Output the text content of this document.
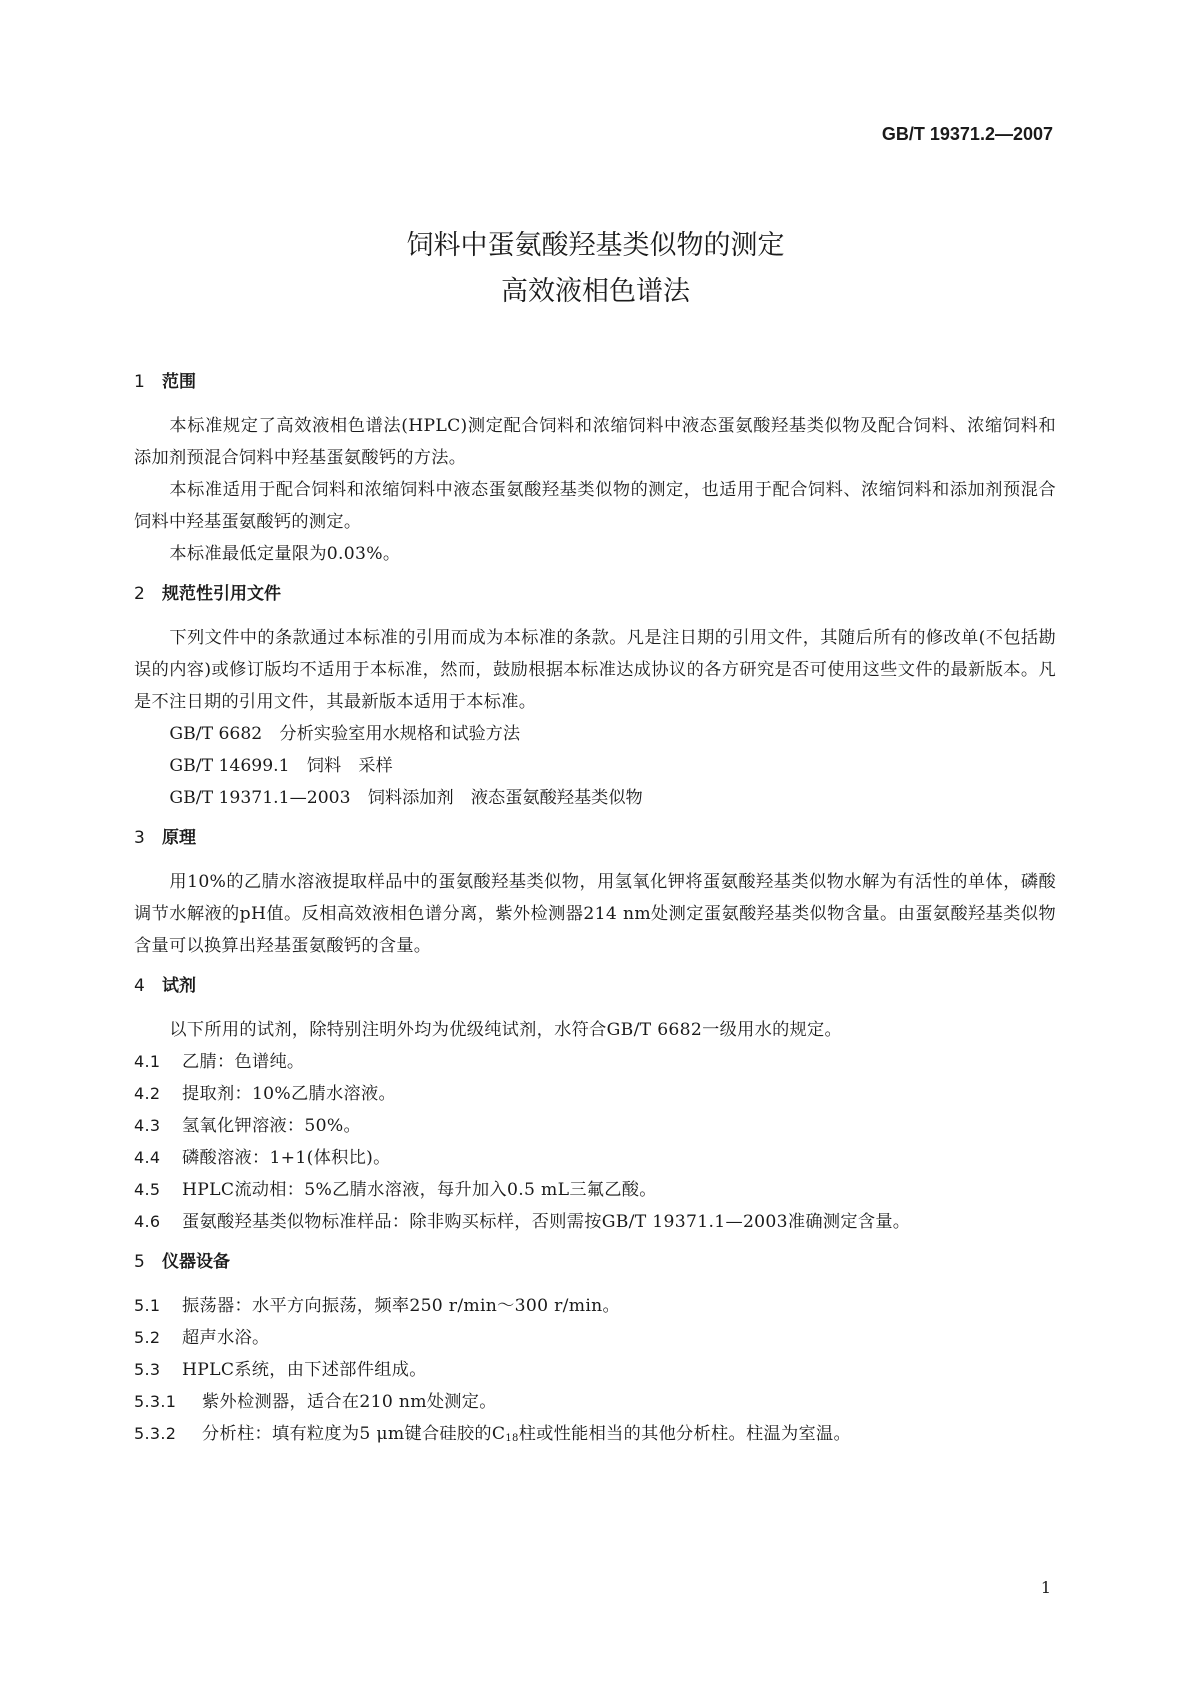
GB/T 19371.2—2007
饲料中蛋氨酸羟基类似物的测定
高效液相色谱法
1 范围

本标准规定了高效液相色谱法(HPLC)测定配合饲料和浓缩饲料中液态蛋氨酸羟基类似物及配合饲料、浓缩饲料和添加剂预混合饲料中羟基蛋氨酸钙的方法。

本标准适用于配合饲料和浓缩饲料中液态蛋氨酸羟基类似物的测定，也适用于配合饲料、浓缩饲料和添加剂预混合饲料中羟基蛋氨酸钙的测定。

本标准最低定量限为0.03%。

2 规范性引用文件

下列文件中的条款通过本标准的引用而成为本标准的条款。凡是注日期的引用文件，其随后所有的修改单(不包括勘误的内容)或修订版均不适用于本标准，然而，鼓励根据本标准达成协议的各方研究是否可使用这些文件的最新版本。凡是不注日期的引用文件，其最新版本适用于本标准。

GB/T 6682　分析实验室用水规格和试验方法

GB/T 14699.1　饲料　采样

GB/T 19371.1—2003　饲料添加剂　液态蛋氨酸羟基类似物

3 原理

用10%的乙腈水溶液提取样品中的蛋氨酸羟基类似物，用氢氧化钾将蛋氨酸羟基类似物水解为有活性的单体，磷酸调节水解液的pH值。反相高效液相色谱分离，紫外检测器214 nm处测定蛋氨酸羟基类似物含量。由蛋氨酸羟基类似物含量可以换算出羟基蛋氨酸钙的含量。

4 试剂

以下所用的试剂，除特别注明外均为优级纯试剂，水符合GB/T 6682一级用水的规定。

4.1 乙腈：色谱纯。

4.2 提取剂：10%乙腈水溶液。

4.3 氢氧化钾溶液：50%。

4.4 磷酸溶液：1+1(体积比)。

4.5 HPLC流动相：5%乙腈水溶液，每升加入0.5 mL三氟乙酸。

4.6 蛋氨酸羟基类似物标准样品：除非购买标样，否则需按GB/T 19371.1—2003准确测定含量。

5 仪器设备

5.1 振荡器：水平方向振荡，频率250 r/min～300 r/min。

5.2 超声水浴。

5.3 HPLC系统，由下述部件组成。

5.3.1 紫外检测器，适合在210 nm处测定。

5.3.2 分析柱：填有粒度为5 μm键合硅胶的$C_{18}$柱或性能相当的其他分析柱。柱温为室温。

1
